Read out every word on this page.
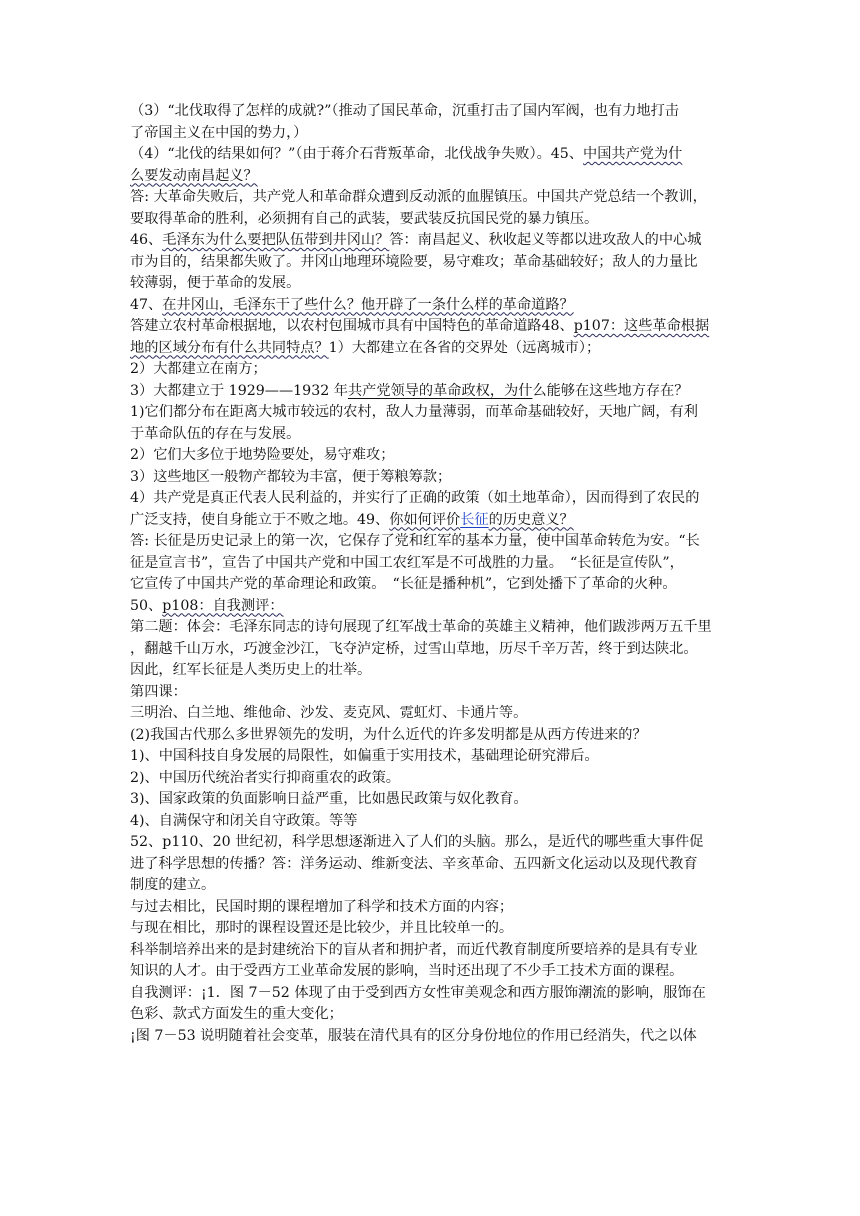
（3）“北伐取得了怎样的成就?”（推动了国民革命，沉重打击了国内军阀，也有力地打击
了帝国主义在中国的势力，）
（4）“北伐的结果如何？”（由于蒋介石背叛革命，北伐战争失败）。45、中国共产党为什
么要发动南昌起义？
答: 大革命失败后，共产党人和革命群众遭到反动派的血腥镇压。中国共产党总结一个教训，
要取得革命的胜利，必须拥有自己的武装，要武装反抗国民党的暴力镇压。
46、毛泽东为什么要把队伍带到井冈山？答：南昌起义、秋收起义等都以进攻敌人的中心城
市为目的，结果都失败了。井冈山地理环境险要，易守难攻；革命基础较好；敌人的力量比
较薄弱，便于革命的发展。
47、在井冈山，毛泽东干了些什么？他开辟了一条什么样的革命道路？
答建立农村革命根据地，以农村包围城市具有中国特色的革命道路48、p107：这些革命根据
地的区域分布有什么共同特点？1）大都建立在各省的交界处（远离城市）；
2）大都建立在南方；
3）大都建立于 1929——1932 年共产党领导的革命政权，为什么能够在这些地方存在？
1)它们都分布在距离大城市较远的农村，敌人力量薄弱，而革命基础较好，天地广阔，有利
于革命队伍的存在与发展。
2）它们大多位于地势险要处，易守难攻；
3）这些地区一般物产都较为丰富，便于筹粮筹款；
4）共产党是真正代表人民利益的，并实行了正确的政策（如土地革命），因而得到了农民的
广泛支持，使自身能立于不败之地。49、你如何评价长征的历史意义？
答: 长征是历史记录上的第一次，它保存了党和红军的基本力量，使中国革命转危为安。“长
征是宣言书”，宣告了中国共产党和中国工农红军是不可战胜的力量。　“长征是宣传队”，
它宣传了中国共产党的革命理论和政策。　“长征是播种机”，它到处播下了革命的火种。
50、p108：自我测评：
第二题：体会：毛泽东同志的诗句展现了红军战士革命的英雄主义精神，他们跋涉两万五千里
，翻越千山万水，巧渡金沙江，飞夺泸定桥，过雪山草地，历尽千辛万苦，终于到达陕北。
因此，红军长征是人类历史上的壮举。
第四课：
三明治、白兰地、维他命、沙发、麦克风、霓虹灯、卡通片等。
(2)我国古代那么多世界领先的发明，为什么近代的许多发明都是从西方传进来的？
1)、中国科技自身发展的局限性，如偏重于实用技术，基础理论研究滞后。
2)、中国历代统治者实行抑商重农的政策。
3)、国家政策的负面影响日益严重，比如愚民政策与奴化教育。
4)、自满保守和闭关自守政策。等等
52、p110、20 世纪初，科学思想逐渐进入了人们的头脑。那么，是近代的哪些重大事件促
进了科学思想的传播？答：洋务运动、维新变法、辛亥革命、五四新文化运动以及现代教育
制度的建立。
与过去相比，民国时期的课程增加了科学和技术方面的内容；
与现在相比，那时的课程设置还是比较少，并且比较单一的。
科举制培养出来的是封建统治下的盲从者和拥护者，而近代教育制度所要培养的是具有专业
知识的人才。由于受西方工业革命发展的影响，当时还出现了不少手工技术方面的课程。
自我测评：¡1．图 7－52 体现了由于受到西方女性审美观念和西方服饰潮流的影响，服饰在
色彩、款式方面发生的重大变化；
¡图 7－53 说明随着社会变革，服装在清代具有的区分身份地位的作用已经消失，代之以体
